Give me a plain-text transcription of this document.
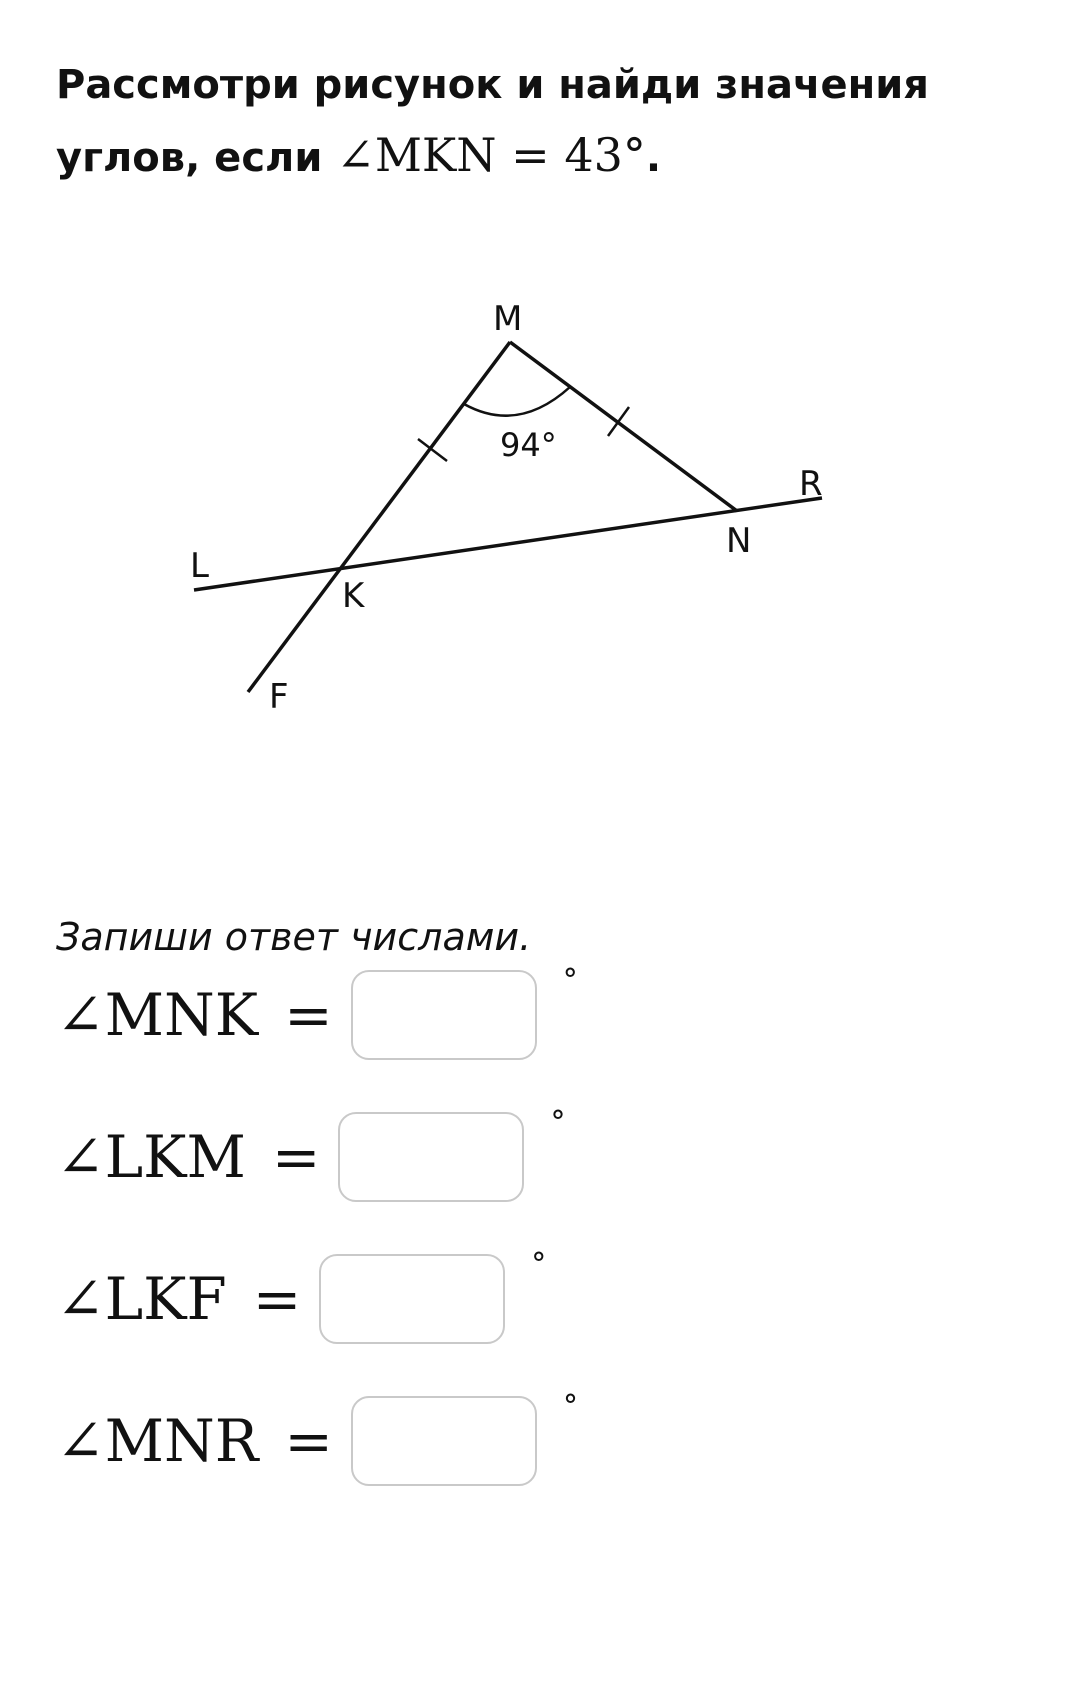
Рассмотри рисунок и найди значения
углов, если ∠MKN = 43°.
M
N
R
L
K
F
94°
Запиши ответ числами.
∠MNK =
°
∠LKM =
°
∠LKF =
°
∠MNR =
°
